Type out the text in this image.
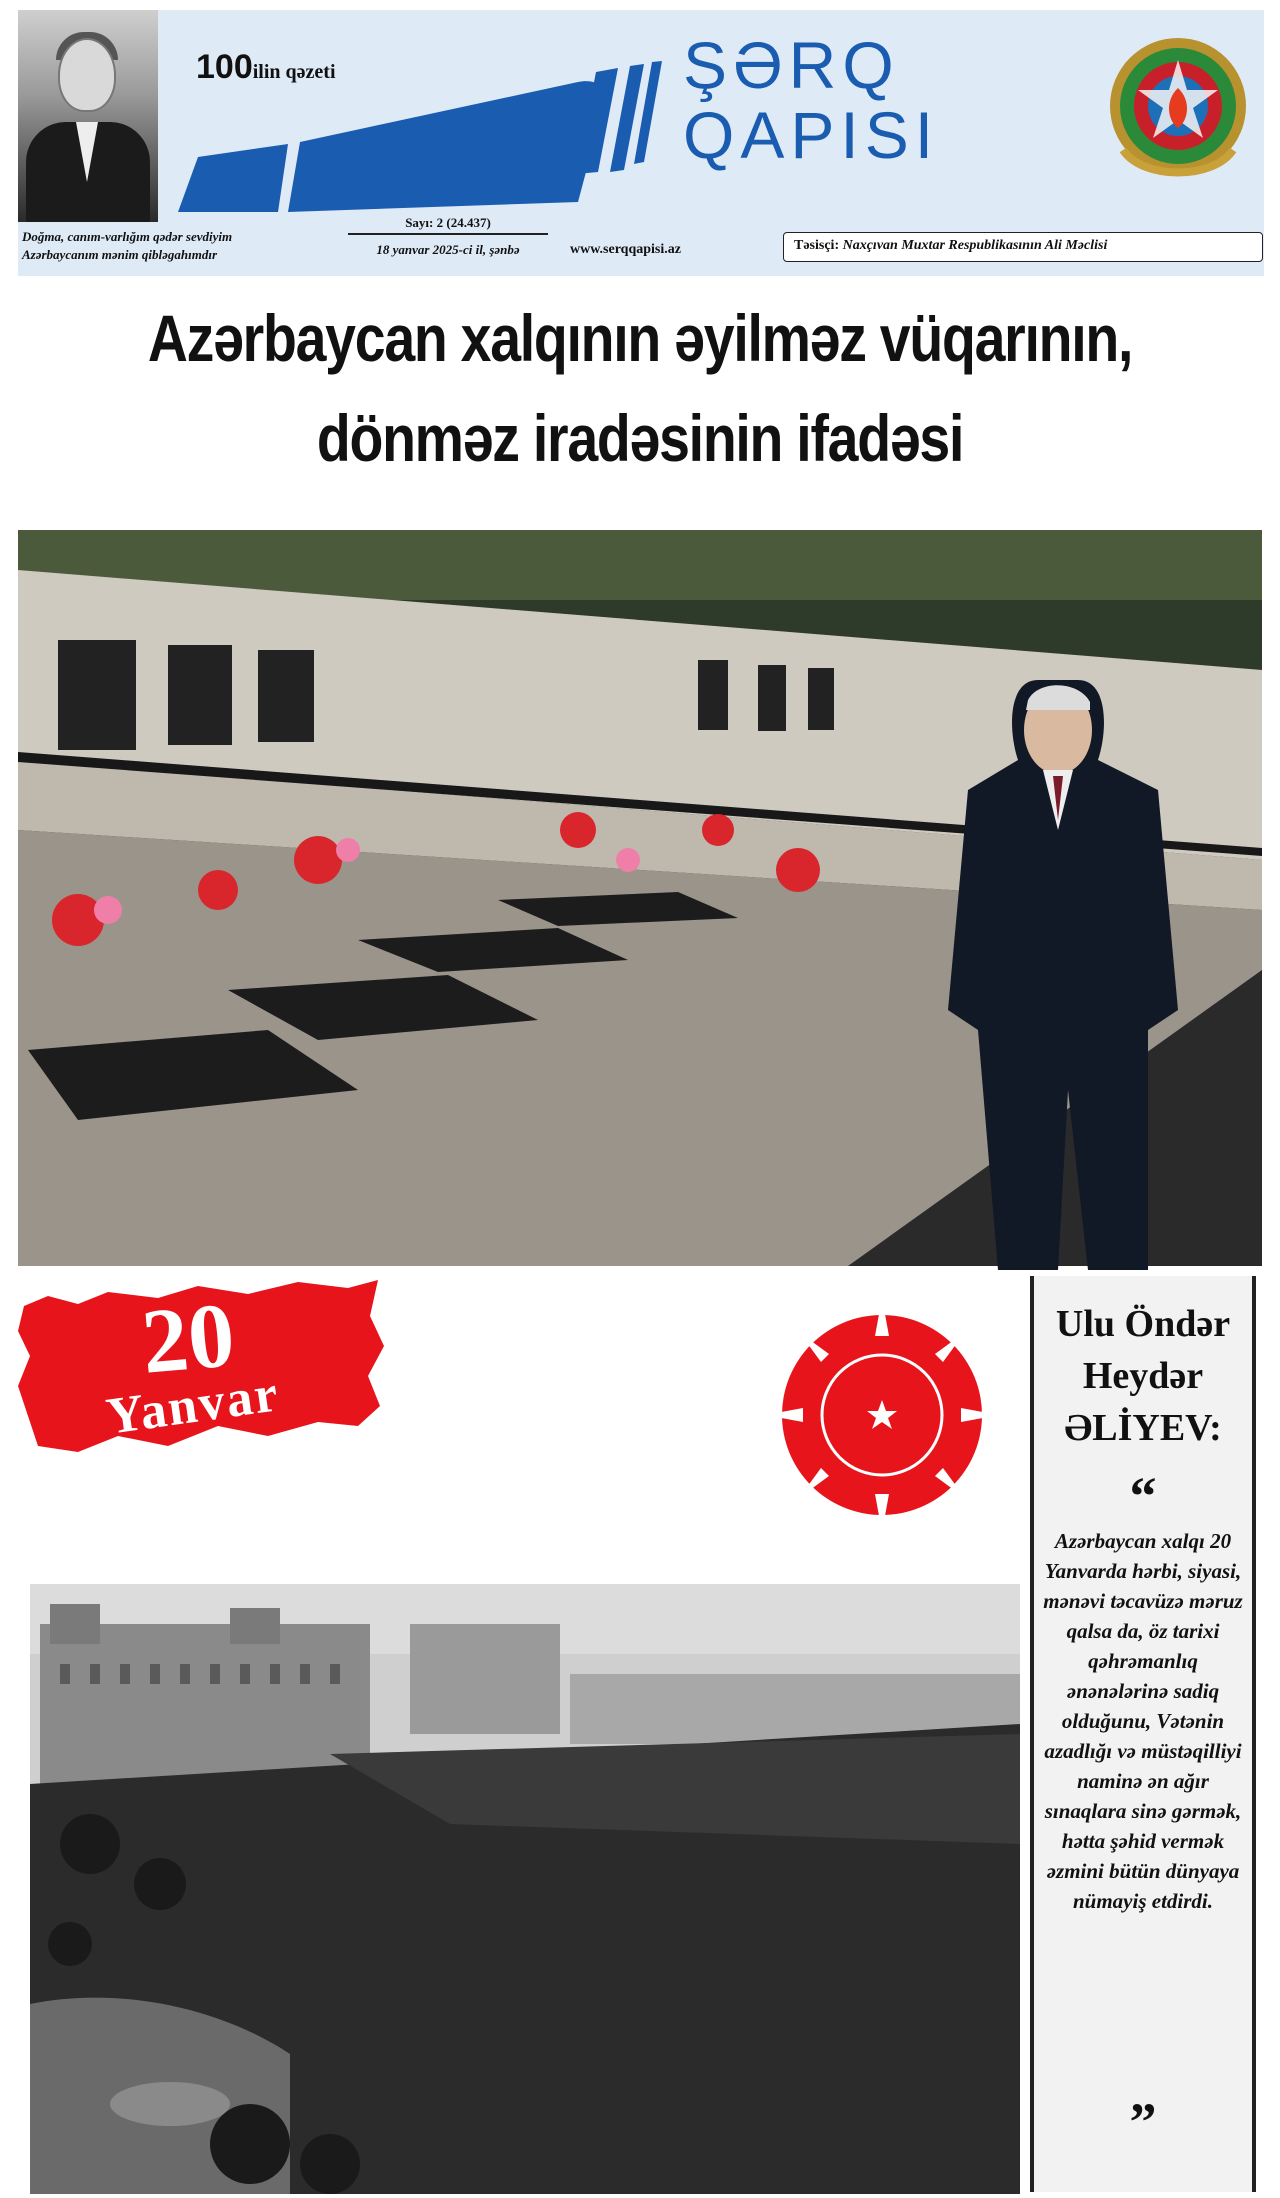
Doğma, canım-varlığım qədər sevdiyim
Azərbaycanım mənim qibləgahımdır
100ilin qəzeti	ŞƏRQ
QAPISI
Sayı: 2 (24.437)
18 yanvar 2025-ci il, şənbə	www.serqqapisi.az	Təsisçi: Naxçıvan Muxtar Respublikasının Ali Məclisi
Azərbaycan xalqının əyilməz vüqarının,
dönməz iradəsinin ifadəsi
20
Yanvar
Ulu Öndər
Heydər
ƏLİYEV:
“
Azərbaycan xalqı 20 Yanvarda hərbi, siyasi, mənəvi təcavüzə məruz qalsa da, öz tarixi qəhrəmanlıq ənənələrinə sadiq olduğunu, Vətənin azadlığı və müstəqilliyi naminə ən ağır sınaqlara sinə gərmək, hətta şəhid vermək əzmini bütün dünyaya nümayiş etdirdi.
”
